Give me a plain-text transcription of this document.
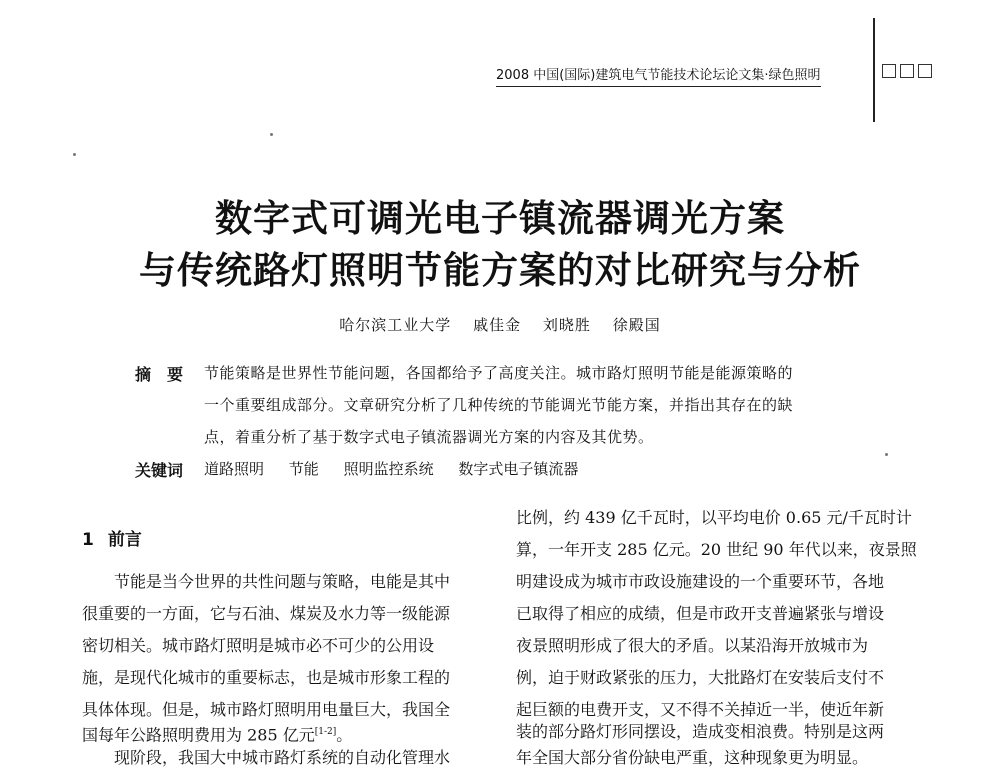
2008 中国(国际)建筑电气节能技术论坛论文集·绿色照明
数字式可调光电子镇流器调光方案
与传统路灯照明节能方案的对比研究与分析
哈尔滨工业大学 戚佳金 刘晓胜 徐殿国
摘　要 节能策略是世界性节能问题，各国都给予了高度关注。城市路灯照明节能是能源策略的
一个重要组成部分。文章研究分析了几种传统的节能调光节能方案，并指出其存在的缺
点，着重分析了基于数字式电子镇流器调光方案的内容及其优势。
关键词 道路照明 节能 照明监控系统 数字式电子镇流器
1 前言
　　节能是当今世界的共性问题与策略，电能是其中
很重要的一方面，它与石油、煤炭及水力等一级能源
密切相关。城市路灯照明是城市必不可少的公用设
施，是现代化城市的重要标志，也是城市形象工程的
具体体现。但是，城市路灯照明用电量巨大，我国全
国每年公路照明费用为 285 亿元[1-2]。
　　现阶段，我国大中城市路灯系统的自动化管理水
比例，约 439 亿千瓦时，以平均电价 0.65 元/千瓦时计
算，一年开支 285 亿元。20 世纪 90 年代以来，夜景照
明建设成为城市市政设施建设的一个重要环节，各地
已取得了相应的成绩，但是市政开支普遍紧张与增设
夜景照明形成了很大的矛盾。以某沿海开放城市为
例，迫于财政紧张的压力，大批路灯在安装后支付不
起巨额的电费开支，又不得不关掉近一半，使近年新
装的部分路灯形同摆设，造成变相浪费。特别是这两
年全国大部分省份缺电严重，这种现象更为明显。
